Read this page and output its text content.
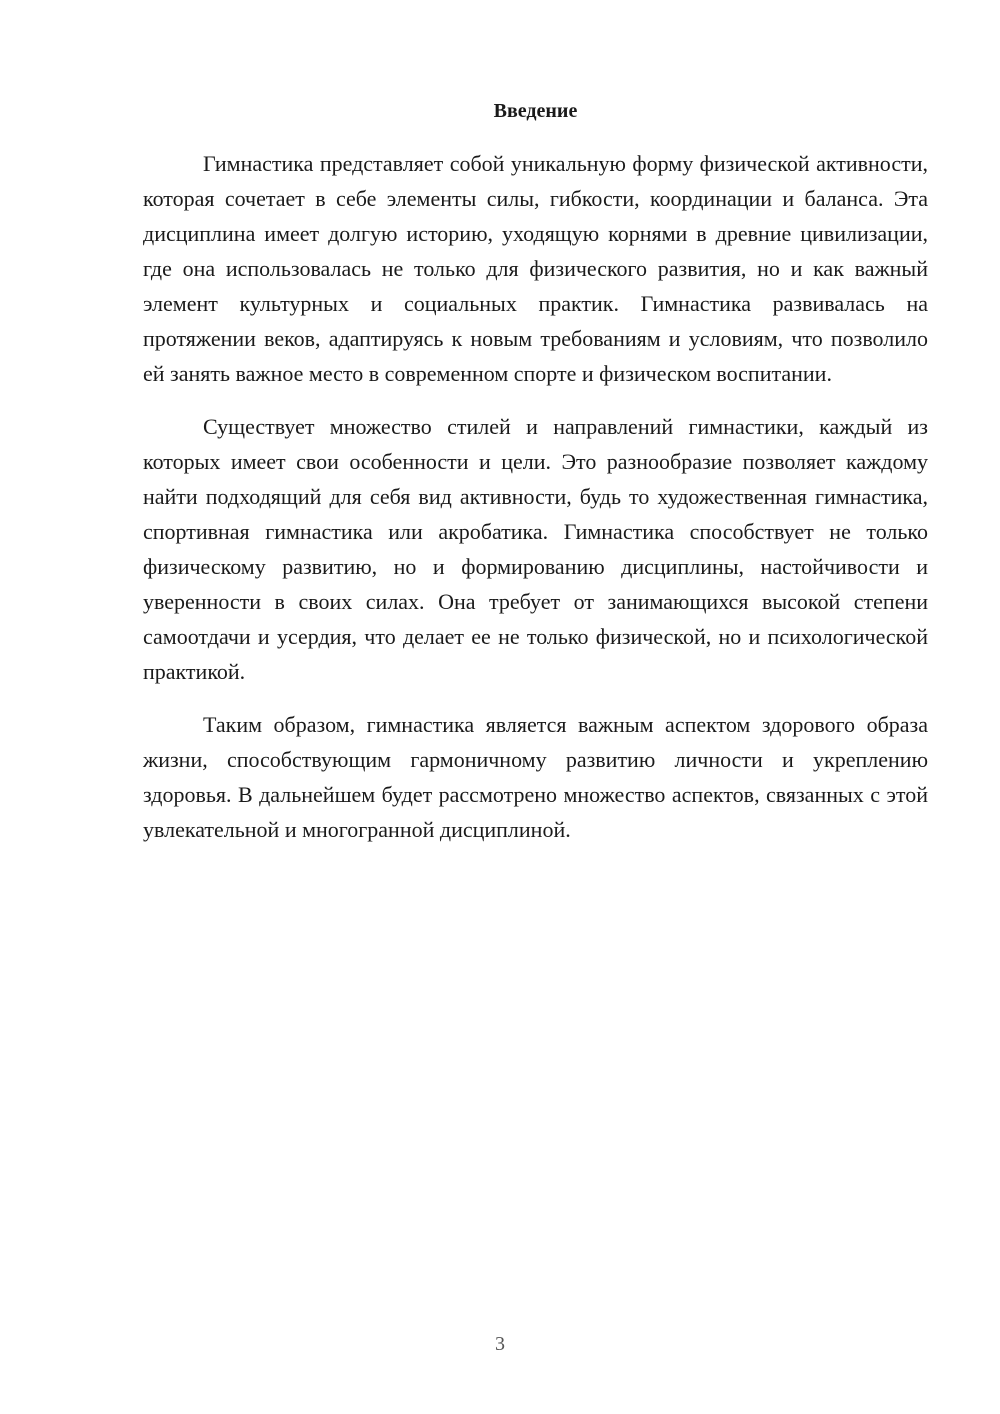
Введение

Гимнастика представляет собой уникальную форму физической активности, которая сочетает в себе элементы силы, гибкости, координации и баланса. Эта дисциплина имеет долгую историю, уходящую корнями в древние цивилизации, где она использовалась не только для физического развития, но и как важный элемент культурных и социальных практик. Гимнастика развивалась на протяжении веков, адаптируясь к новым требованиям и условиям, что позволило ей занять важное место в современном спорте и физическом воспитании.

Существует множество стилей и направлений гимнастики, каждый из которых имеет свои особенности и цели. Это разнообразие позволяет каждому найти подходящий для себя вид активности, будь то художественная гимнастика, спортивная гимнастика или акробатика. Гимнастика способствует не только физическому развитию, но и формированию дисциплины, настойчивости и уверенности в своих силах. Она требует от занимающихся высокой степени самоотдачи и усердия, что делает ее не только физической, но и психологической практикой.

Таким образом, гимнастика является важным аспектом здорового образа жизни, способствующим гармоничному развитию личности и укреплению здоровья. В дальнейшем будет рассмотрено множество аспектов, связанных с этой увлекательной и многогранной дисциплиной.

3
